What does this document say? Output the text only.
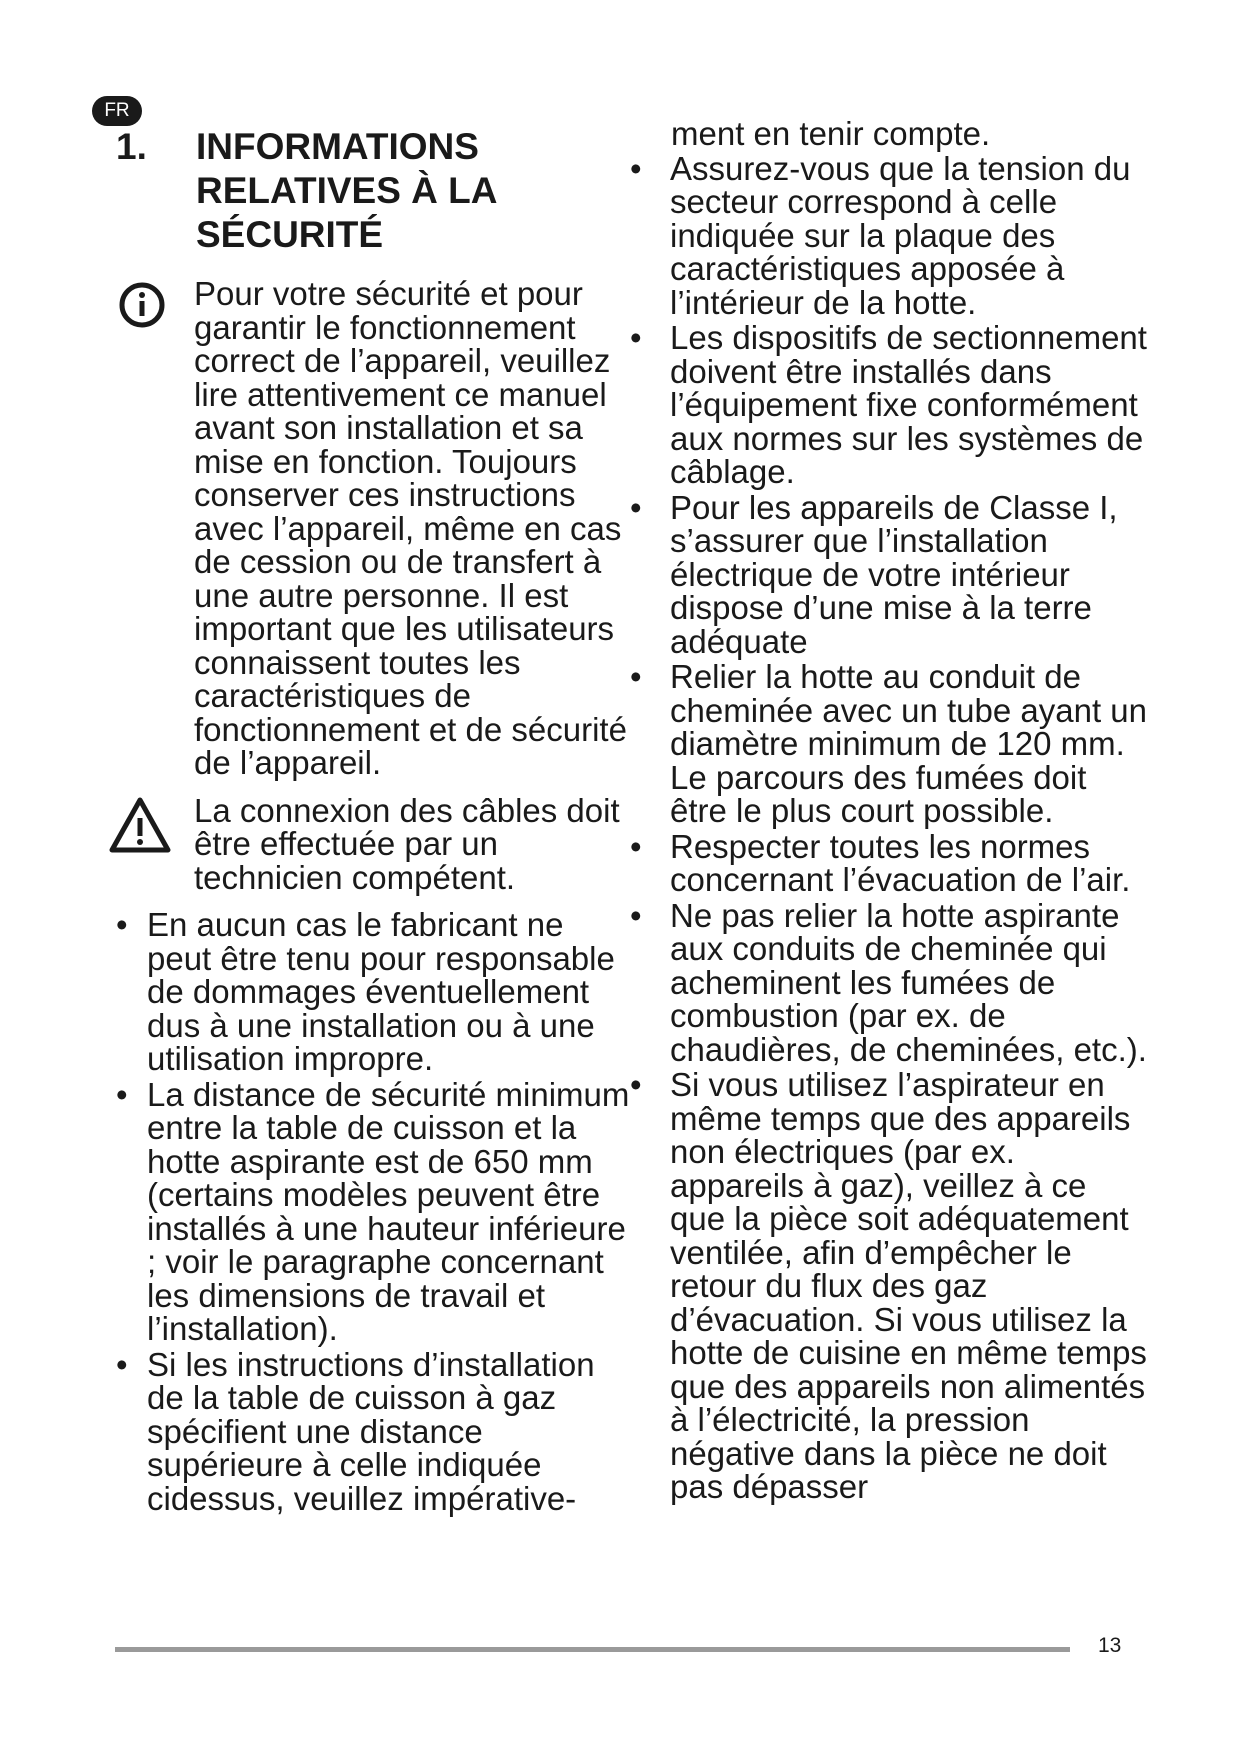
FR
1.	INFORMATIONS
RELATIVES À LA
SÉCURITÉ
Pour votre sécurité et pour garantir le fonctionnement correct de l’appareil, veuillez lire attentivement ce manuel avant son installation et sa mise en fonction. Toujours conserver ces instructions avec l’appareil, même en cas de cession ou de transfert à une autre personne. Il est important que les utilisateurs connaissent toutes les caractéristiques de fonctionnement et de sécurité de l’appareil.
La connexion des câbles doit être effectuée par un technicien compétent.
• En aucun cas le fabricant ne peut être tenu pour responsable de dommages éventuellement dus à une installation ou à une utilisation impropre.
• La distance de sécurité minimum entre la table de cuisson et la hotte aspirante est de 650 mm (certains modèles peuvent être installés à une hauteur inférieure ; voir le paragraphe concernant les dimensions de travail et l’installation).
• Si les instructions d’installation de la table de cuisson à gaz spécifient une distance supérieure à celle indiquée cidessus, veuillez impérative-
ment en tenir compte.
• Assurez-vous que la tension du secteur correspond à celle indiquée sur la plaque des caractéristiques apposée à l’intérieur de la hotte.
• Les dispositifs de sectionnement doivent être installés dans l’équipement fixe conformément aux normes sur les systèmes de câblage.
• Pour les appareils de Classe I, s’assurer que l’installation électrique de votre intérieur dispose d’une mise à la terre adéquate
• Relier la hotte au conduit de cheminée avec un tube ayant un diamètre minimum de 120 mm. Le parcours des fumées doit être le plus court possible.
• Respecter toutes les normes concernant l’évacuation de l’air.
• Ne pas relier la hotte aspirante aux conduits de cheminée qui acheminent les fumées de combustion (par ex. de chaudières, de cheminées, etc.).
• Si vous utilisez l’aspirateur en même temps que des appareils non électriques (par ex. appareils à gaz), veillez à ce que la pièce soit adéquatement ventilée, afin d’empêcher le retour du flux des gaz d’évacuation. Si vous utilisez la hotte de cuisine en même temps que des appareils non alimentés à l’électricité, la pression négative dans la pièce ne doit pas dépasser
13
